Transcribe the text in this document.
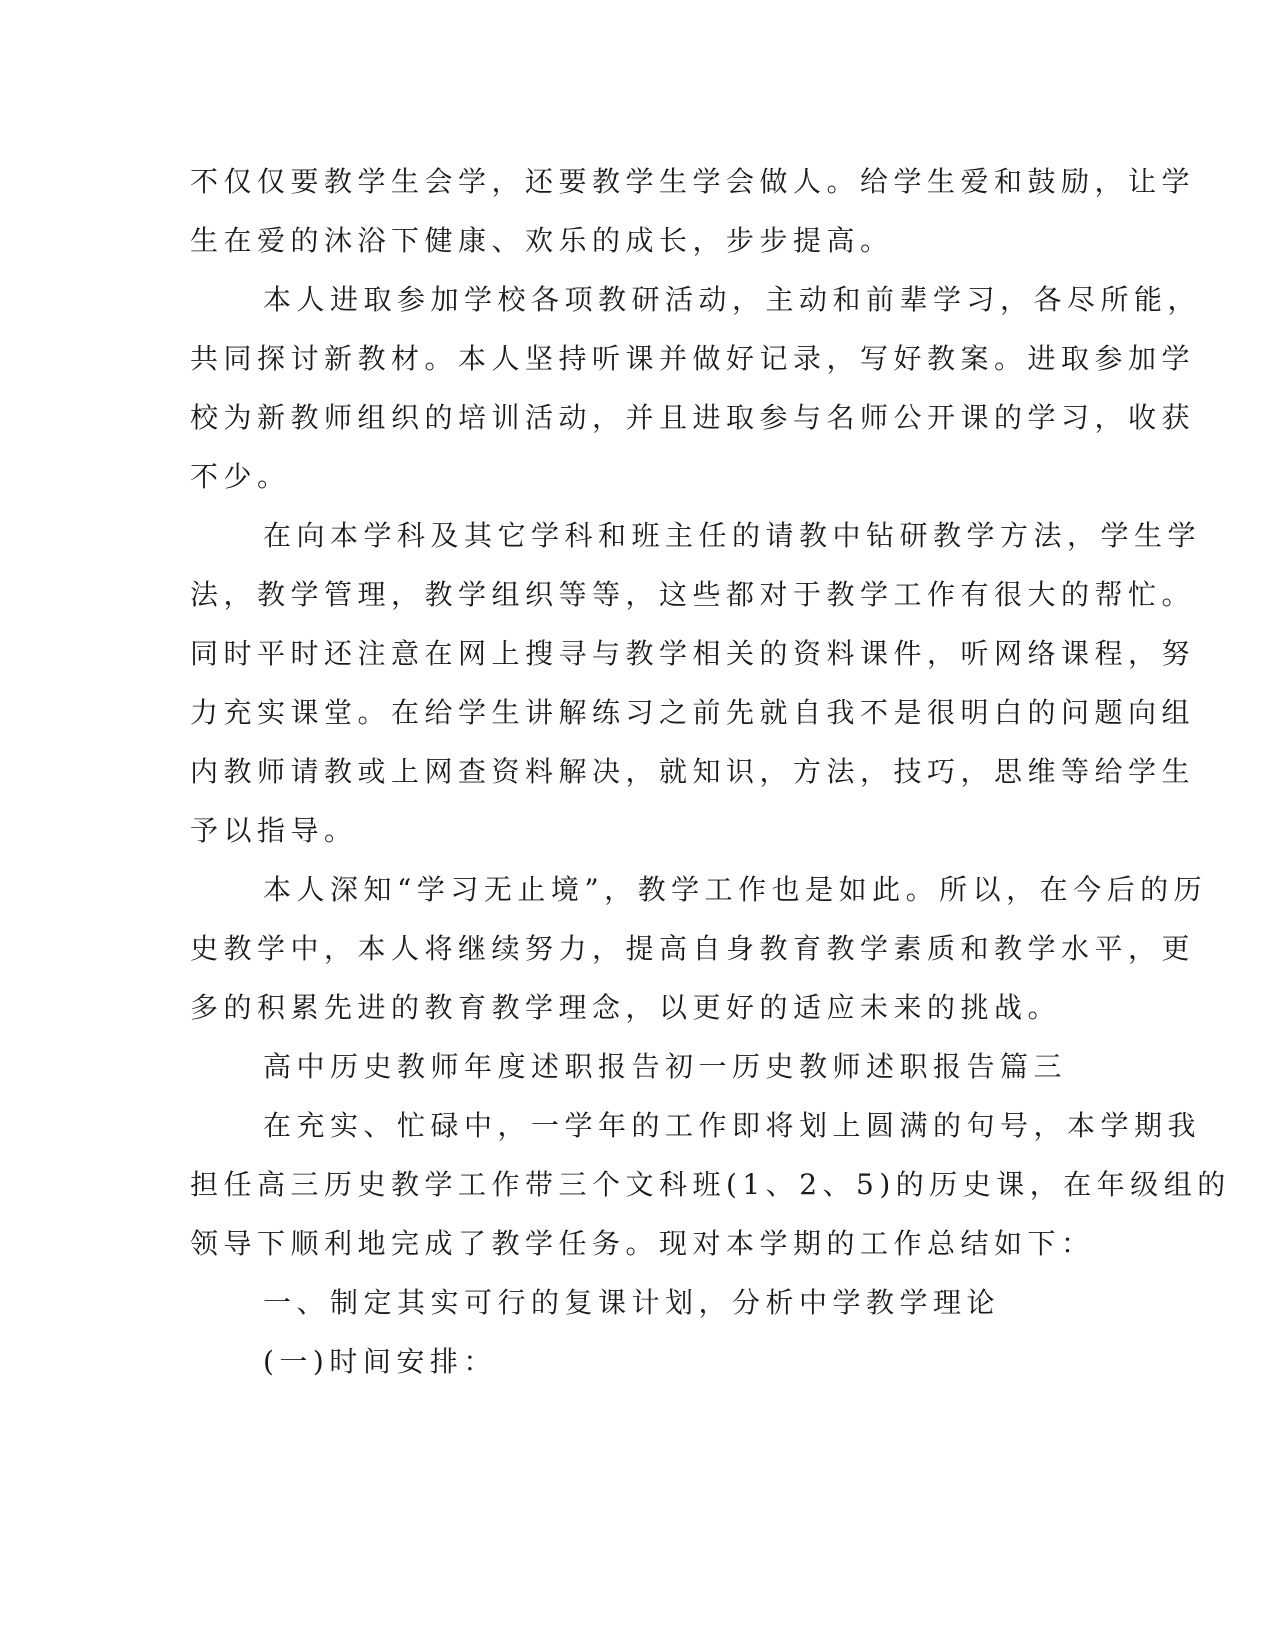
不仅仅要教学生会学，还要教学生学会做人。给学生爱和鼓励，让学
生在爱的沐浴下健康、欢乐的成长，步步提高。
本人进取参加学校各项教研活动，主动和前辈学习，各尽所能，
共同探讨新教材。本人坚持听课并做好记录，写好教案。进取参加学
校为新教师组织的培训活动，并且进取参与名师公开课的学习，收获
不少。
在向本学科及其它学科和班主任的请教中钻研教学方法，学生学
法，教学管理，教学组织等等，这些都对于教学工作有很大的帮忙。
同时平时还注意在网上搜寻与教学相关的资料课件，听网络课程，努
力充实课堂。在给学生讲解练习之前先就自我不是很明白的问题向组
内教师请教或上网查资料解决，就知识，方法，技巧，思维等给学生
予以指导。
本人深知“学习无止境”，教学工作也是如此。所以，在今后的历
史教学中，本人将继续努力，提高自身教育教学素质和教学水平，更
多的积累先进的教育教学理念，以更好的适应未来的挑战。
高中历史教师年度述职报告初一历史教师述职报告篇三
在充实、忙碌中，一学年的工作即将划上圆满的句号，本学期我
担任高三历史教学工作带三个文科班(1、2、5)的历史课，在年级组的
领导下顺利地完成了教学任务。现对本学期的工作总结如下：
一、制定其实可行的复课计划，分析中学教学理论
(一)时间安排：
